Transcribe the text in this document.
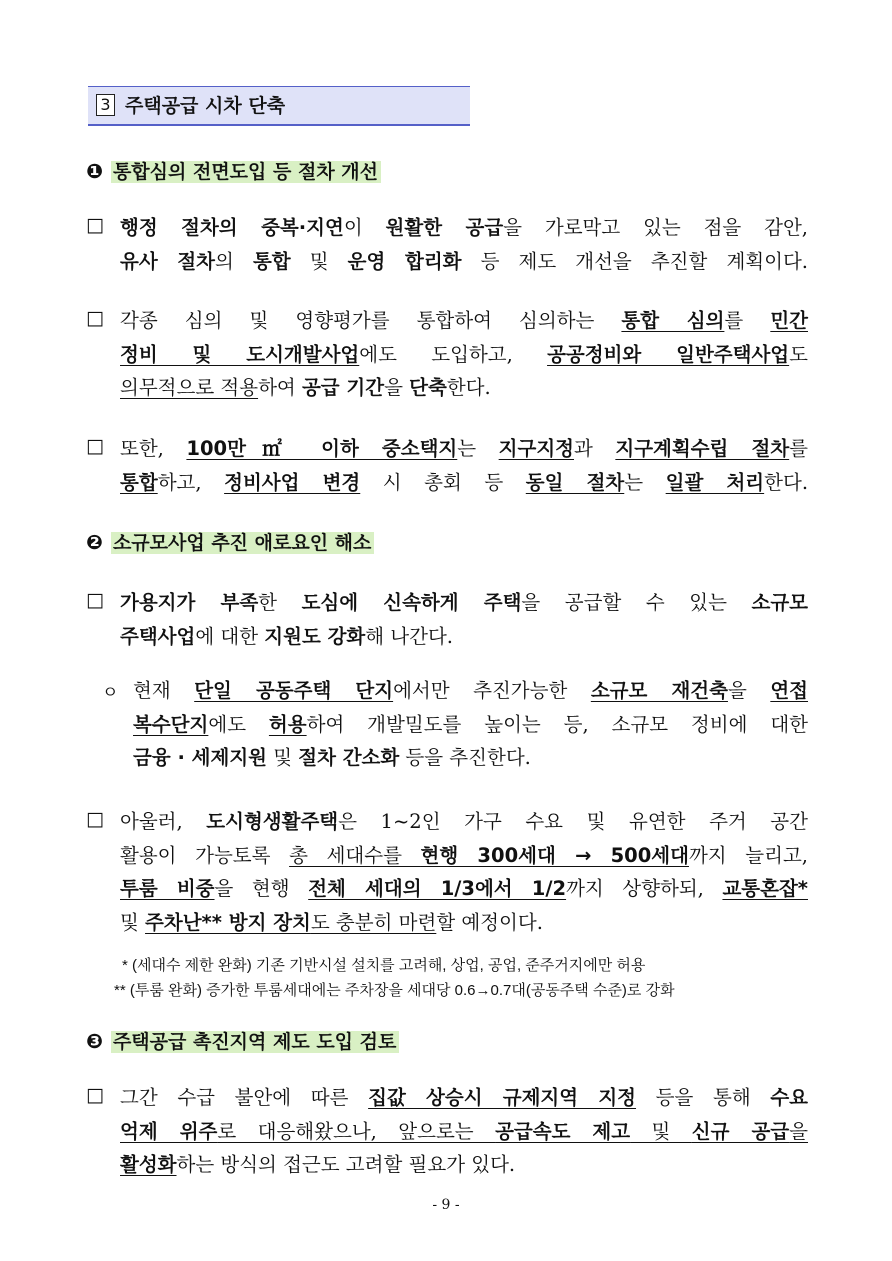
3 주택공급 시차 단축
❶ 통합심의 전면도입 등 절차 개선
□ 행정 절차의 중복·지연이 원활한 공급을 가로막고 있는 점을 감안,
유사 절차의 통합 및 운영 합리화 등 제도 개선을 추진할 계획이다.
□ 각종 심의 및 영향평가를 통합하여 심의하는 통합 심의를 민간
정비 및 도시개발사업에도 도입하고, 공공정비와 일반주택사업도
의무적으로 적용하여 공급 기간을 단축한다.
□ 또한, 100만㎡ 이하 중소택지는 지구지정과 지구계획수립 절차를
통합하고, 정비사업 변경 시 총회 등 동일 절차는 일괄 처리한다.
❷ 소규모사업 추진 애로요인 해소
□ 가용지가 부족한 도심에 신속하게 주택을 공급할 수 있는 소규모
주택사업에 대한 지원도 강화해 나간다.
ㅇ 현재 단일 공동주택 단지에서만 추진가능한 소규모 재건축을 연접
복수단지에도 허용하여 개발밀도를 높이는 등, 소규모 정비에 대한
금융 · 세제지원 및 절차 간소화 등을 추진한다.
□ 아울러, 도시형생활주택은 1~2인 가구 수요 및 유연한 주거 공간
활용이 가능토록 총 세대수를 현행 300세대 → 500세대까지 늘리고,
투룸 비중을 현행 전체 세대의 1/3에서 1/2까지 상향하되, 교통혼잡*
및 주차난** 방지 장치도 충분히 마련할 예정이다.
* (세대수 제한 완화) 기존 기반시설 설치를 고려해, 상업, 공업, 준주거지에만 허용
** (투룸 완화) 증가한 투룸세대에는 주차장을 세대당 0.6→0.7대(공동주택 수준)로 강화
❸ 주택공급 촉진지역 제도 도입 검토
□ 그간 수급 불안에 따른 집값 상승시 규제지역 지정 등을 통해 수요
억제 위주로 대응해왔으나, 앞으로는 공급속도 제고 및 신규 공급을
활성화하는 방식의 접근도 고려할 필요가 있다.
- 9 -
